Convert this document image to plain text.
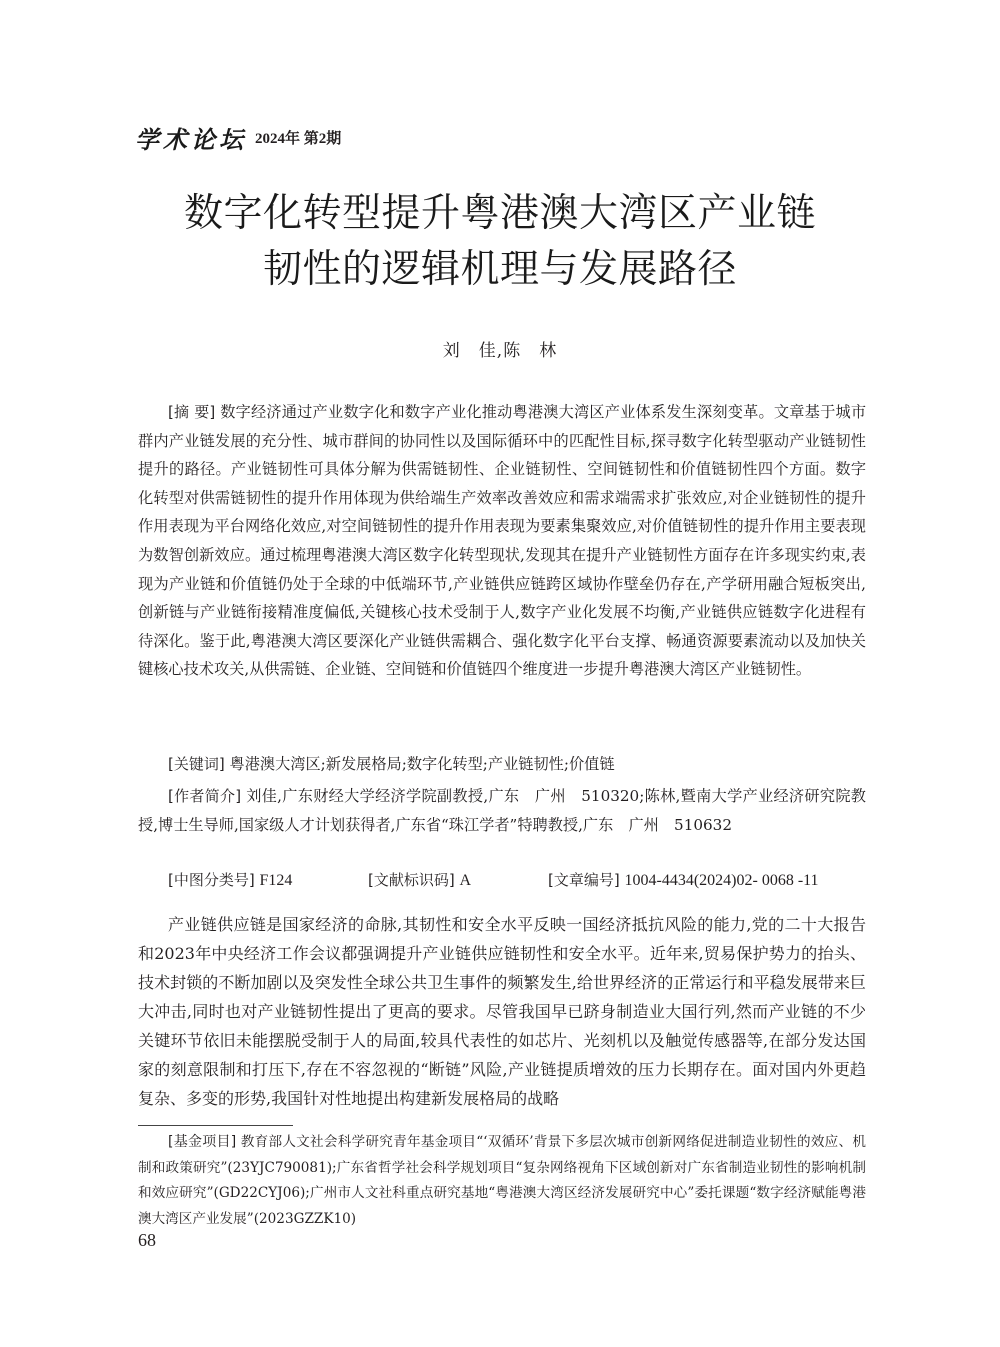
学术论坛 2024年 第2期
数字化转型提升粤港澳大湾区产业链
韧性的逻辑机理与发展路径
刘　佳,陈　林
[摘 要] 数字经济通过产业数字化和数字产业化推动粤港澳大湾区产业体系发生深刻变革。文章基于城市群内产业链发展的充分性、城市群间的协同性以及国际循环中的匹配性目标,探寻数字化转型驱动产业链韧性提升的路径。产业链韧性可具体分解为供需链韧性、企业链韧性、空间链韧性和价值链韧性四个方面。数字化转型对供需链韧性的提升作用体现为供给端生产效率改善效应和需求端需求扩张效应,对企业链韧性的提升作用表现为平台网络化效应,对空间链韧性的提升作用表现为要素集聚效应,对价值链韧性的提升作用主要表现为数智创新效应。通过梳理粤港澳大湾区数字化转型现状,发现其在提升产业链韧性方面存在许多现实约束,表现为产业链和价值链仍处于全球的中低端环节,产业链供应链跨区域协作壁垒仍存在,产学研用融合短板突出,创新链与产业链衔接精准度偏低,关键核心技术受制于人,数字产业化发展不均衡,产业链供应链数字化进程有待深化。鉴于此,粤港澳大湾区要深化产业链供需耦合、强化数字化平台支撑、畅通资源要素流动以及加快关键核心技术攻关,从供需链、企业链、空间链和价值链四个维度进一步提升粤港澳大湾区产业链韧性。
[关键词] 粤港澳大湾区;新发展格局;数字化转型;产业链韧性;价值链
[作者简介] 刘佳,广东财经大学经济学院副教授,广东　广州　510320;陈林,暨南大学产业经济研究院教授,博士生导师,国家级人才计划获得者,广东省“珠江学者”特聘教授,广东　广州　510632
[中图分类号] F124	[文献标识码] A	[文章编号] 1004-4434(2024)02- 0068 -11
产业链供应链是国家经济的命脉,其韧性和安全水平反映一国经济抵抗风险的能力,党的二十大报告和2023年中央经济工作会议都强调提升产业链供应链韧性和安全水平。近年来,贸易保护势力的抬头、技术封锁的不断加剧以及突发性全球公共卫生事件的频繁发生,给世界经济的正常运行和平稳发展带来巨大冲击,同时也对产业链韧性提出了更高的要求。尽管我国早已跻身制造业大国行列,然而产业链的不少关键环节依旧未能摆脱受制于人的局面,较具代表性的如芯片、光刻机以及触觉传感器等,在部分发达国家的刻意限制和打压下,存在不容忽视的“断链”风险,产业链提质增效的压力长期存在。面对国内外更趋复杂、多变的形势,我国针对性地提出构建新发展格局的战略
[基金项目] 教育部人文社会科学研究青年基金项目“‘双循环’背景下多层次城市创新网络促进制造业韧性的效应、机制和政策研究”(23YJC790081);广东省哲学社会科学规划项目“复杂网络视角下区域创新对广东省制造业韧性的影响机制和效应研究”(GD22CYJ06);广州市人文社科重点研究基地“粤港澳大湾区经济发展研究中心”委托课题“数字经济赋能粤港澳大湾区产业发展”(2023GZZK10)
68
